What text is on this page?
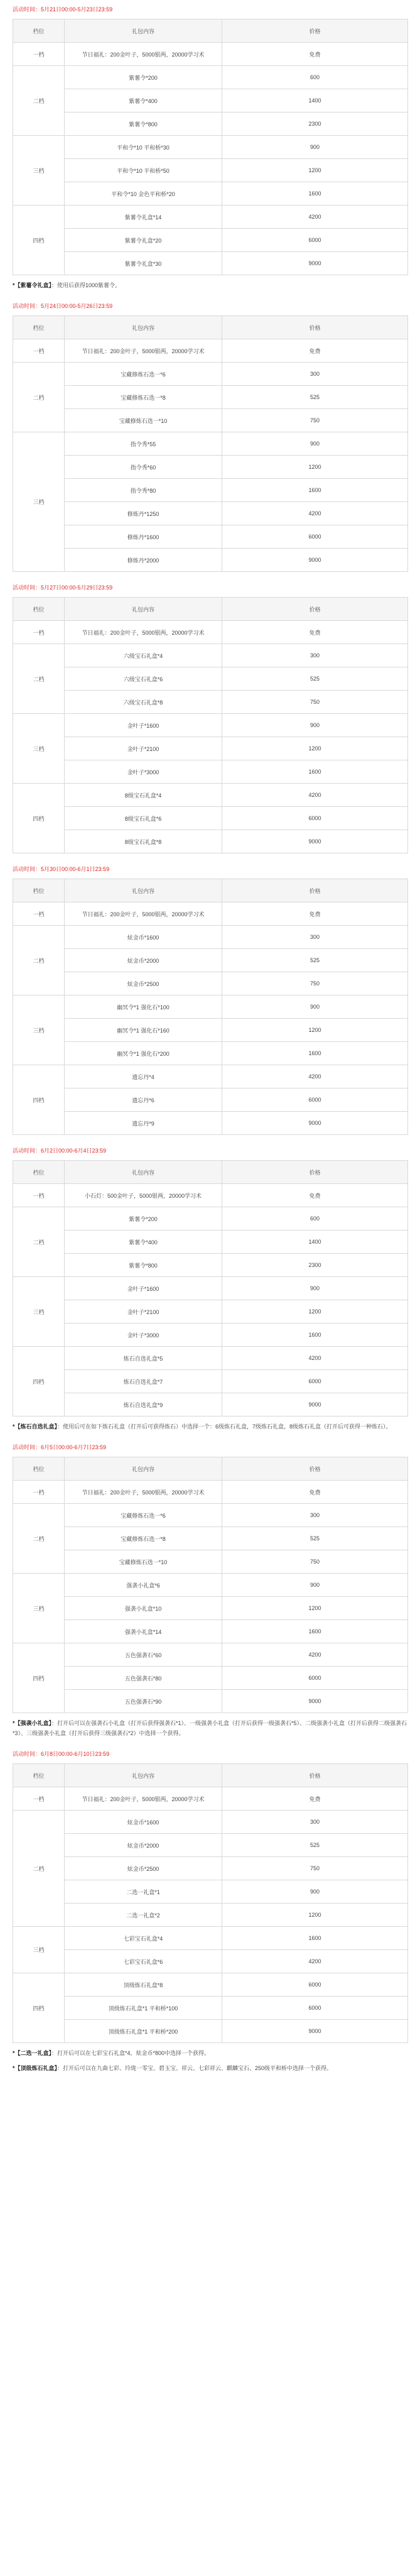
活动时间：5月21日00:00-5月23日23:59
档位	礼包内容	价格
一档	节日福礼：200金叶子，5000银两，20000学习术	免费
二档	紫薯令*200	600
	紫薯令*400	1400
	紫薯令*800	2300
三档	平和令*10 平和桥*30	900
	平和令*10 平和桥*50	1200
	平和令*10 金色平和桥*20	1600
四档	紫薯令礼盒*14	4200
	紫薯令礼盒*20	6000
	紫薯令礼盒*30	9000

*【紫薯令礼盒】：使用后获得1000紫薯令。

活动时间：5月24日00:00-5月26日23:59
档位	礼包内容	价格
一档	节日福礼：200金叶子，5000银两，20000学习术	免费
二档	宝藏修炼石选一*6	300
	宝藏修炼石选一*8	525
	宝藏修炼石选一*10	750
三档	指令秀*55	900
	指令秀*60	1200
	指令秀*80	1600
	修炼丹*1250	4200
	修炼丹*1600	6000
	修炼丹*2000	9000
活动时间：5月27日00:00-5月29日23:59
档位	礼包内容	价格
一档	节日福礼：200金叶子，5000银两，20000学习术	免费
二档	六级宝石礼盒*4	300
	六级宝石礼盒*6	525
	六级宝石礼盒*8	750
三档	金叶子*1600	900
	金叶子*2100	1200
	金叶子*3000	1600
四档	8级宝石礼盒*4	4200
	8级宝石礼盒*6	6000
	8级宝石礼盒*8	9000
活动时间：5月30日00:00-6月1日23:59
档位	礼包内容	价格
一档	节日福礼：200金叶子，5000银两，20000学习术	免费
二档	炫金币*1600	300
	炫金币*2000	525
	炫金币*2500	750
三档	幽冥令*1 强化石*100	900
	幽冥令*1 强化石*160	1200
	幽冥令*1 强化石*200	1600
四档	遗忘丹*4	4200
	遗忘丹*6	6000
	遗忘丹*9	9000
活动时间：6月2日00:00-6月4日23:59
档位	礼包内容	价格
一档	小石灯：500金叶子，5000银两，20000学习术	免费
二档	紫薯令*200	600
	紫薯令*400	1400
	紫薯令*800	2300
三档	金叶子*1600	900
	金叶子*2100	1200
	金叶子*3000	1600
四档	炼石自选礼盒*5	4200
	炼石自选礼盒*7	6000
	炼石自选礼盒*9	9000

*【炼石自选礼盒】：使用后可在如下炼石礼盒（打开后可获得炼石）中选择一个：6级炼石礼盒，7级炼石礼盒，8级炼石礼盒（打开后可获得一种炼石）。

活动时间：6月5日00:00-6月7日23:59
档位	礼包内容	价格
一档	节日福礼：200金叶子，5000银两，20000学习术	免费
二档	宝藏修炼石选一*6	300
	宝藏修炼石选一*8	525
	宝藏修炼石选一*10	750
三档	强袭小礼盒*6	900
	强袭小礼盒*10	1200
	强袭小礼盒*14	1600
四档	五色强袭石*60	4200
	五色强袭石*80	6000
	五色强袭石*90	9000

*【强袭小礼盒】：打开后可以在强袭石小礼盒（打开后获得强袭石*1）、一级强袭小礼盒（打开后获得一级强袭石*5）、二级强袭小礼盒（打开后获得二级强袭石*3）、三级强袭小礼盒（打开后获得三级强袭石*2）中选择一个获得。

活动时间：6月8日00:00-6月10日23:59
档位	礼包内容	价格
一档	节日福礼：200金叶子，5000银两，20000学习术	免费
二档	炫金币*1600	300
	炫金币*2000	525
	炫金币*2500	750
	二选一礼盒*1	900
	二选一礼盒*2	1200
三档	七彩宝石礼盒*4	1600
	七彩宝石礼盒*6	4200
四档	顶级炼石礼盒*8	6000
	顶级炼石礼盒*1 平和桥*100	6000
	顶级炼石礼盒*1 平和桥*200	9000

*【二选一礼盒】：打开后可以在七彩宝石礼盒*4，炫金币*800中选择一个获得。

*【顶级炼石礼盒】：打开后可以在九曲七彩、玲珑一零宝、碧玉宝、祥云、七彩祥云、麒麟宝石、250级平和桥中选择一个获得。
